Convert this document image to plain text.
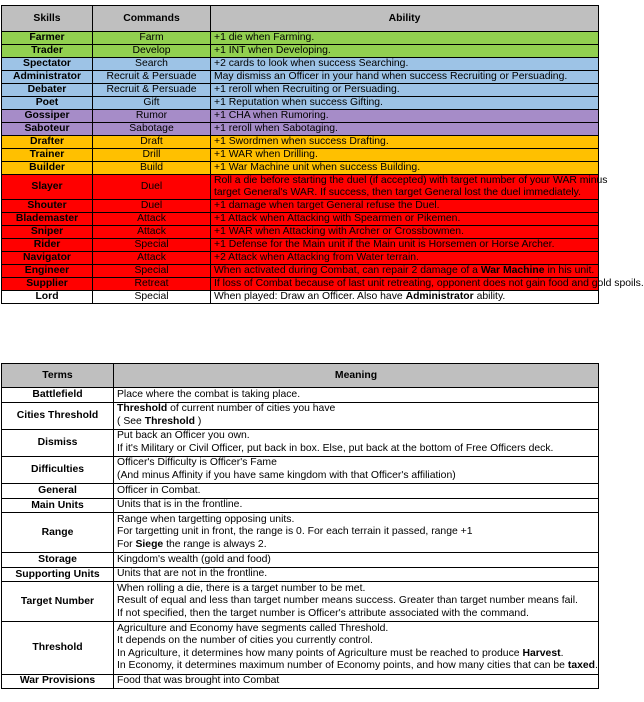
Skills	Commands	Ability
Farmer	Farm	+1 die when Farming.

Trader	Develop	+1 INT when Developing.

Spectator	Search	+2 cards to look when success Searching.

Administrator	Recruit & Persuade	May dismiss an Officer in your hand when success Recruiting or Persuading.

Debater	Recruit & Persuade	+1 reroll when Recruiting or Persuading.

Poet	Gift	+1 Reputation when success Gifting.

Gossiper	Rumor	+1 CHA when Rumoring.

Saboteur	Sabotage	+1 reroll when Sabotaging.

Drafter	Draft	+1 Swordmen when success Drafting.

Trainer	Drill	+1 WAR when Drilling.

Builder	Build	+1 War Machine unit when success Building.

Slayer	Duel	Roll a die before starting the duel (if accepted) with target number of your WAR minus
target General's WAR. If success, then target General lost the duel immediately.

Shouter	Duel	+1 damage when target General refuse the Duel.

Blademaster	Attack	+1 Attack when Attacking with Spearmen or Pikemen.

Sniper	Attack	+1 WAR when Attacking with Archer or Crossbowmen.

Rider	Special	+1 Defense for the Main unit if the Main unit is Horsemen or Horse Archer.

Navigator	Attack	+2 Attack when Attacking from Water terrain.

Engineer	Special	When activated during Combat, can repair 2 damage of a War Machine in his unit.
Supplier	Retreat	If loss of Combat because of last unit retreating, opponent does not gain food and gold spoils.

Lord	Special	When played: Draw an Officer. Also have Administrator ability.
Terms	Meaning
Battlefield	Place where the combat is taking place.

Cities Threshold	Threshold of current number of cities you have
( See Threshold )

Dismiss	Put back an Officer you own.
If it's Military or Civil Officer, put back in box. Else, put back at the bottom of Free Officers deck.

Difficulties	Officer's Difficulty is Officer's Fame
(And minus Affinity if you have same kingdom with that Officer's affiliation)

General	Officer in Combat.

Main Units	Units that is in the frontline.

Range	Range when targetting opposing units.
For targetting unit in front, the range is 0. For each terrain it passed, range +1
For Siege the range is always 2.

Storage	Kingdom's wealth (gold and food)

Supporting Units	Units that are not in the frontline.

Target Number	When rolling a die, there is a target number to be met.
Result of equal and less than target number means success. Greater than target number means fail.
If not specified, then the target number is Officer's attribute associated with the command.

Threshold	Agriculture and Economy have segments called Threshold.
It depends on the number of cities you currently control.
In Agriculture, it determines how many points of Agriculture must be reached to produce Harvest.
In Economy, it determines maximum number of Economy points, and how many cities that can be taxed.

War Provisions	Food that was brought into Combat
